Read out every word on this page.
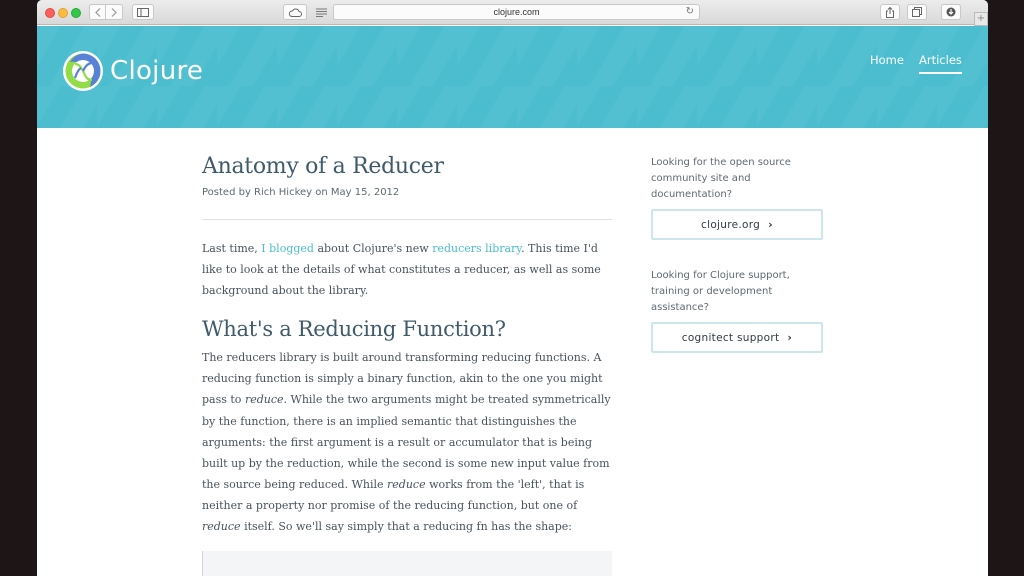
clojure.com	↻
+
Clojure	Home Articles
Anatomy of a Reducer
Posted by Rich Hickey on May 15, 2012

Last time, I blogged about Clojure's new reducers library. This time I'd like to look at the details of what constitutes a reducer, as well as some background about the library.

What's a Reducing Function?

The reducers library is built around transforming reducing functions. A reducing function is simply a binary function, akin to the one you might pass to reduce. While the two arguments might be treated symmetrically by the function, there is an implied semantic that distinguishes the arguments: the first argument is a result or accumulator that is being built up by the reduction, while the second is some new input value from the source being reduced. While reduce works from the 'left', that is neither a property nor promise of the reducing function, but one of reduce itself. So we'll say simply that a reducing fn has the shape:

Looking for the open source community site and documentation?

clojure.org ›

Looking for Clojure support, training or development assistance?

cognitect support ›
